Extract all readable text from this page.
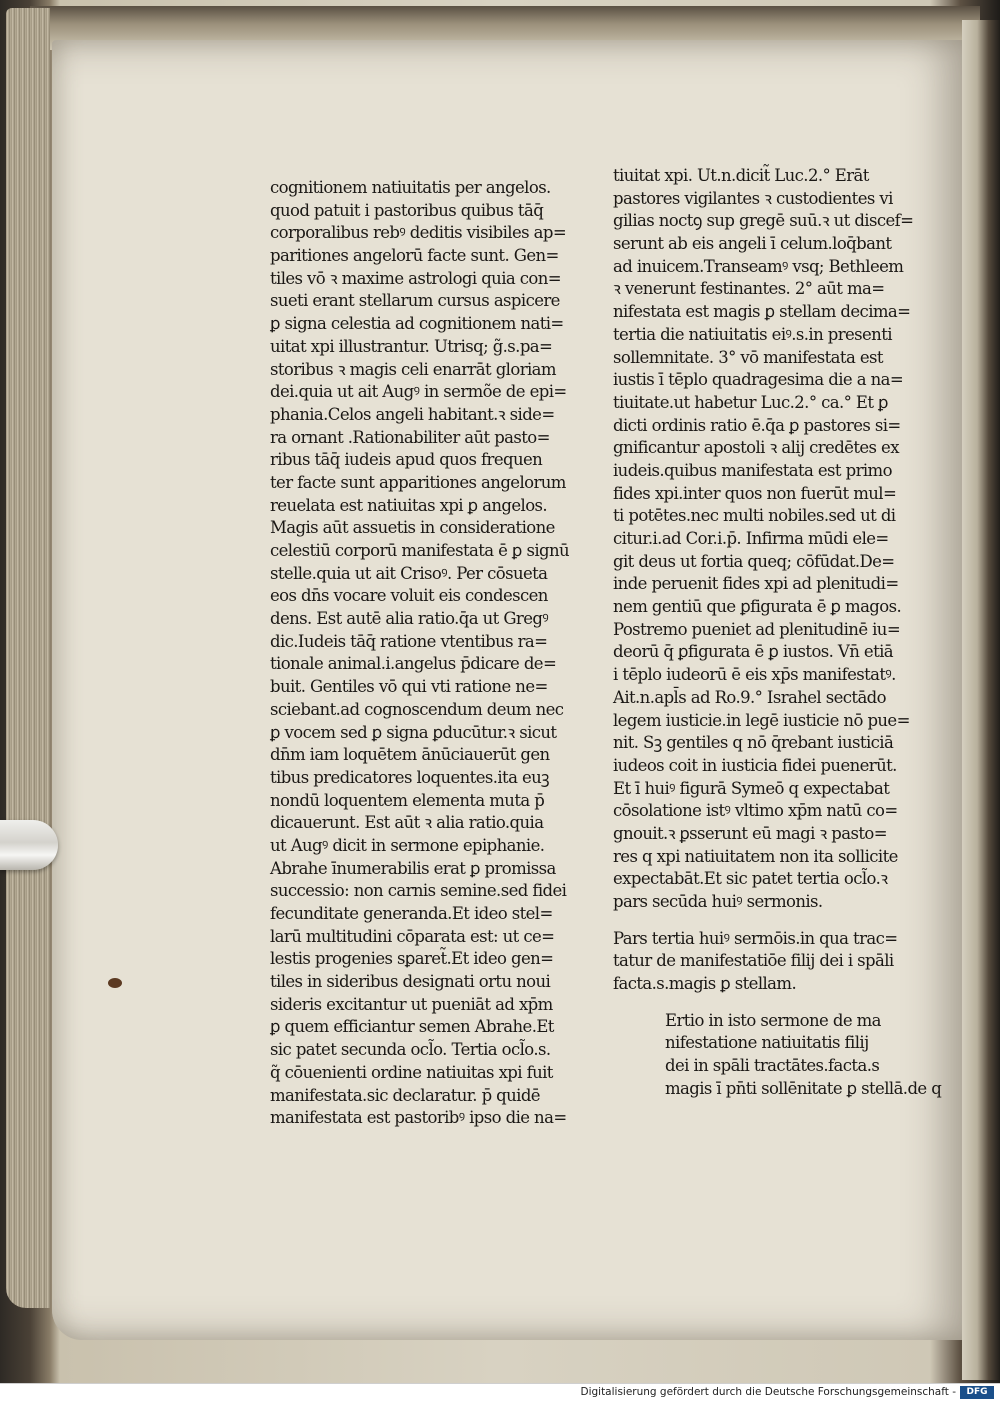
cognitionem natiuitatis per angelos.
quod patuit i pastoribus quibus tāq̄
corporalibus rebꝰ deditis visibiles ap=
paritiones angelorū facte sunt. Gen=
tiles vō ꝛ maxime astrologi quia con=
sueti erant stellarum cursus aspicere
ꝑ signa celestia ad cognitionem nati=
uitat xpi illustrantur. Utrisq; g̃.s.pa=
storibus ꝛ magis celi enarrāt gloriam
dei.quia ut ait Augꝰ in sermõe de epi=
phania.Celos angeli habitant.ꝛ side=
ra ornant .Rationabiliter aūt pasto=
ribus tāq̄ iudeis apud quos frequen
ter facte sunt apparitiones angelorum
reuelata est natiuitas xpi ꝑ angelos.
Magis aūt assuetis in consideratione
celestiū corporū manifestata ē ꝑ signū
stelle.quia ut ait Crisoꝰ. Per cōsueta
eos dn̄s vocare voluit eis condescen
dens. Est autē alia ratio.q̄a ut Gregꝰ
dic.Iudeis tāq̄ ratione vtentibus ra=
tionale animal.i.angelus p̄dicare de=
buit. Gentiles vō qui vti ratione ne=
sciebant.ad cognoscendum deum nec
ꝑ vocem sed ꝑ signa ꝑducūtur.ꝛ sicut
dn̄m iam loquētem ānūciauerūt gen
tibus predicatores loquentes.ita euꝫ
nondū loquentem elementa muta p̄
dicauerunt. Est aūt ꝛ alia ratio.quia
ut Augꝰ dicit in sermone epiphanie.
Abrahe īnumerabilis erat ꝑ promissa
successio: non carnis semine.sed fidei
fecunditate generanda.Et ideo stel=
larū multitudini cōparata est: ut ce=
lestis progenies sꝑaret̃.Et ideo gen=
tiles in sideribus designati ortu noui
sideris excitantur ut pueniāt ad xp̄m
ꝑ quem efficiantur semen Abrahe.Et
sic patet secunda ocl̃o. Tertia ocl̃o.s.
q̃ cōuenienti ordine natiuitas xpi fuit
manifestata.sic declaratur. p̄ quidē
manifestata est pastoribꝰ ipso die na=
tiuitat xpi. Ut.n.dicit̃ Luc.2.° Erāt
pastores vigilantes ꝛ custodientes vi
gilias noctꝯ sup gregē suū.ꝛ ut discef=
serunt ab eis angeli ī celum.loq̄bant
ad inuicem.Transeamꝰ vsq; Bethleem
ꝛ venerunt festinantes. 2° aūt ma=
nifestata est magis ꝑ stellam decima=
tertia die natiuitatis eiꝰ.s.in presenti
sollemnitate. 3° vō manifestata est
iustis ī tēplo quadragesima die a na=
tiuitate.ut habetur Luc.2.° ca.° Et ꝑ
dicti ordinis ratio ē.q̄a ꝑ pastores si=
gnificantur apostoli ꝛ alij credētes ex
iudeis.quibus manifestata est primo
fides xpi.inter quos non fuerūt mul=
ti potētes.nec multi nobiles.sed ut di
citur.i.ad Cor.i.p̄. Infirma mūdi ele=
git deus ut fortia queq; cōfūdat.De=
inde peruenit fides xpi ad plenitudi=
nem gentiū que ꝑfigurata ē ꝑ magos.
Postremo pueniet ad plenitudinē iu=
deorū q̄ ꝑfigurata ē ꝑ iustos. Vn̄ etiā
i tēplo iudeorū ē eis xp̄s manifestatꝰ.
Ait.n.apl̄s ad Ro.9.° Israhel sectādo
legem iusticie.in legē iusticie nō pue=
nit. Sꝫ gentiles q nō q̄rebant iusticiā
iudeos coit in iusticia fidei puenerūt.
Et ī huiꝰ figurā Symeō q expectabat
cōsolatione istꝰ vltimo xp̄m natū co=
gnouit.ꝛ ꝑsserunt eū magi ꝛ pasto=
res q xpi natiuitatem non ita sollicite
expectabāt.Et sic patet tertia ocl̃o.ꝛ
pars secūda huiꝰ sermonis.
Pars tertia huiꝰ sermōis.in qua trac=
tatur de manifestatiōe filij dei i spāli
facta.s.magis ꝑ stellam.
Ertio in isto sermone de ma
nifestatione natiuitatis filij
dei in spāli tractātes.facta.s
magis ī pn̄ti sollēnitate ꝑ stellā.de q
Digitalisierung gefördert durch die Deutsche Forschungsgemeinschaft -	DFG
